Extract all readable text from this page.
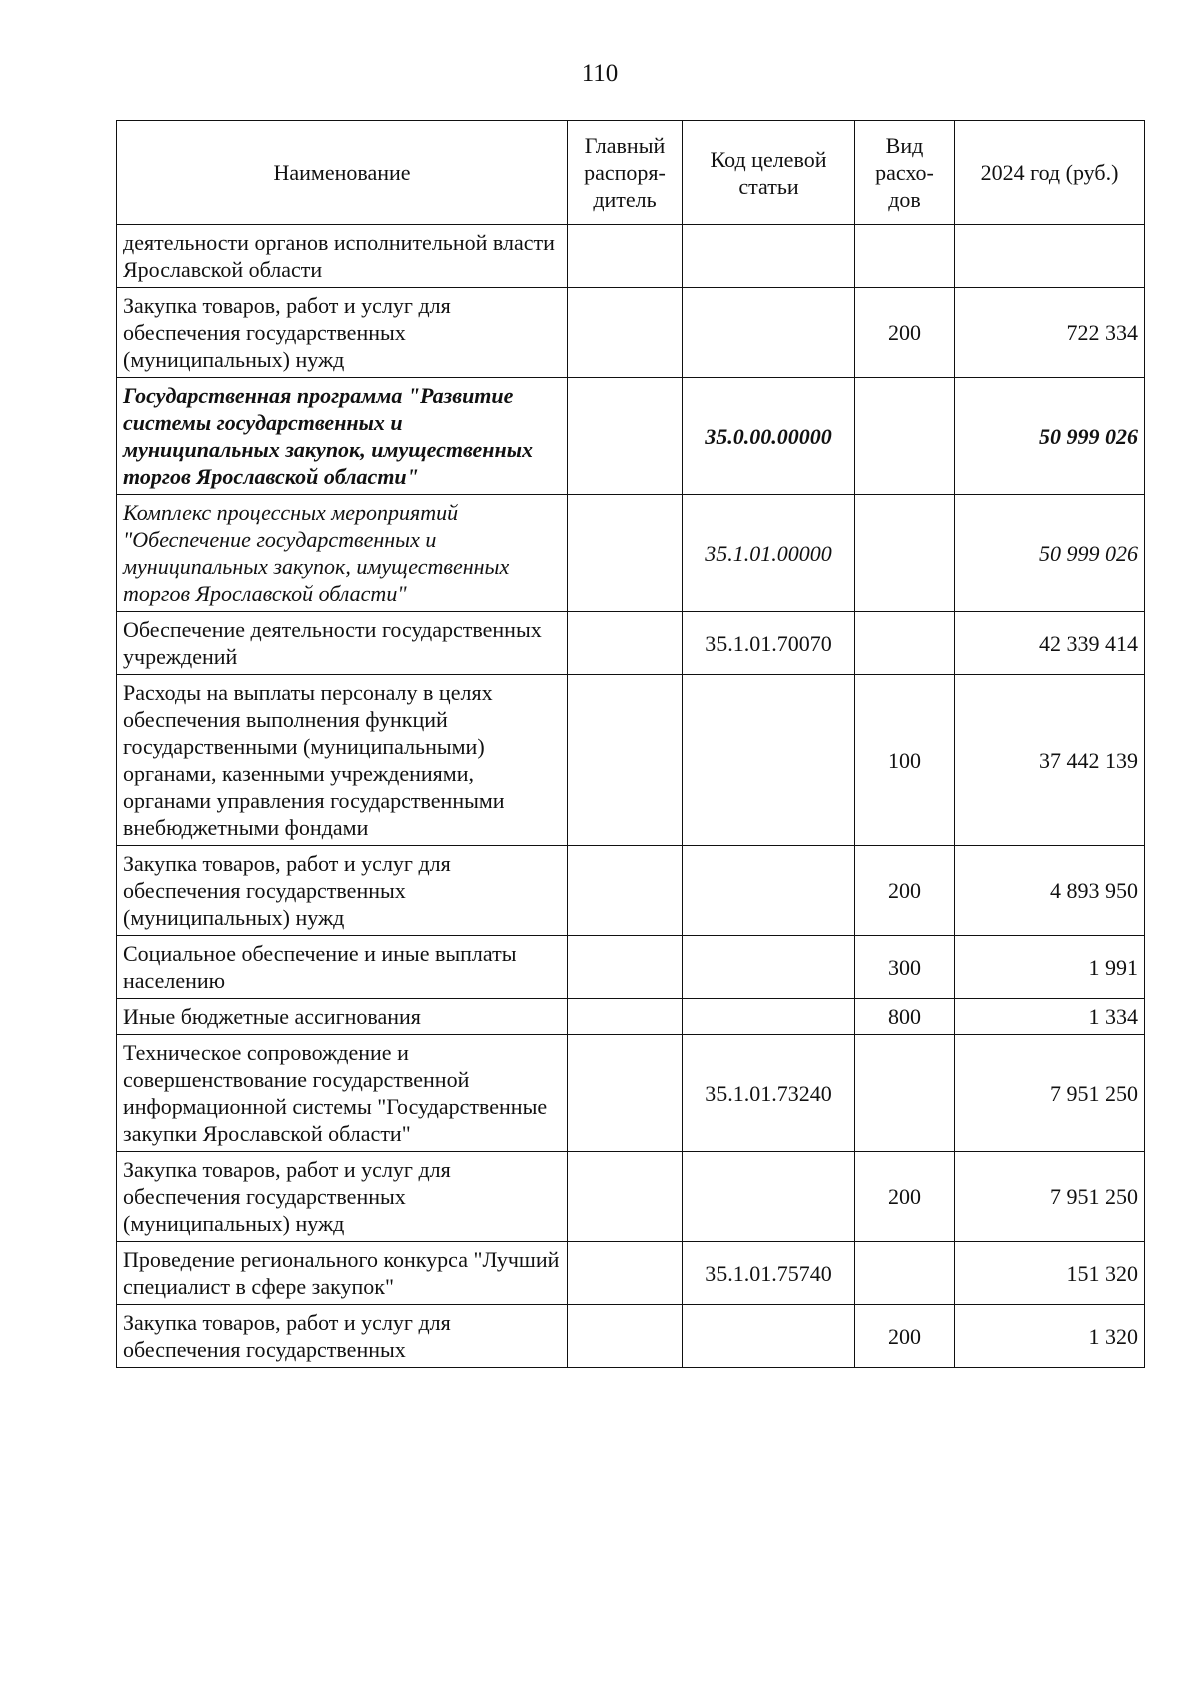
110
Наименование	Главный распоря-дитель	Код целевой статьи	Вид расхо-дов	2024 год (руб.)
деятельности органов исполнительной власти Ярославской области				
Закупка товаров, работ и услуг для обеспечения государственных (муниципальных) нужд			200	722 334
Государственная программа "Развитие системы государственных и муниципальных закупок, имущественных торгов Ярославской области"		35.0.00.00000		50 999 026
Комплекс процессных мероприятий "Обеспечение государственных и муниципальных закупок, имущественных торгов Ярославской области"		35.1.01.00000		50 999 026
Обеспечение деятельности государственных учреждений		35.1.01.70070		42 339 414
Расходы на выплаты персоналу в целях обеспечения выполнения функций государственными (муниципальными) органами, казенными учреждениями, органами управления государственными внебюджетными фондами			100	37 442 139
Закупка товаров, работ и услуг для обеспечения государственных (муниципальных) нужд			200	4 893 950
Социальное обеспечение и иные выплаты населению			300	1 991
Иные бюджетные ассигнования			800	1 334
Техническое сопровождение и совершенствование государственной информационной системы "Государственные закупки Ярославской области"		35.1.01.73240		7 951 250
Закупка товаров, работ и услуг для обеспечения государственных (муниципальных) нужд			200	7 951 250
Проведение регионального конкурса "Лучший специалист в сфере закупок"		35.1.01.75740		151 320
Закупка товаров, работ и услуг для обеспечения государственных			200	1 320
